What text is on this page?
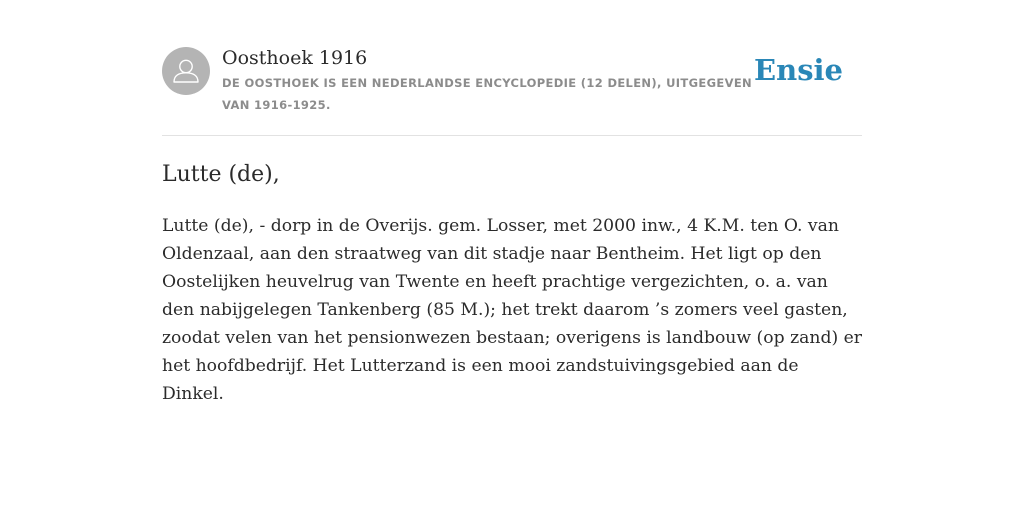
Oosthoek 1916
DE OOSTHOEK IS EEN NEDERLANDSE ENCYCLOPEDIE (12 DELEN), UITGEGEVEN VAN 1916-1925.
Ensie
Lutte (de),

Lutte (de), - dorp in de Overijs. gem. Losser, met 2000 inw., 4 K.M. ten O. van Oldenzaal, aan den straatweg van dit stadje naar Bentheim. Het ligt op den Oostelijken heuvelrug van Twente en heeft prachtige vergezichten, o. a. van den nabijgelegen Tankenberg (85 M.); het trekt daarom ’s zomers veel gasten, zoodat velen van het pensionwezen bestaan; overigens is landbouw (op zand) er het hoofdbedrijf. Het Lutterzand is een mooi zandstuivingsgebied aan de Dinkel.
